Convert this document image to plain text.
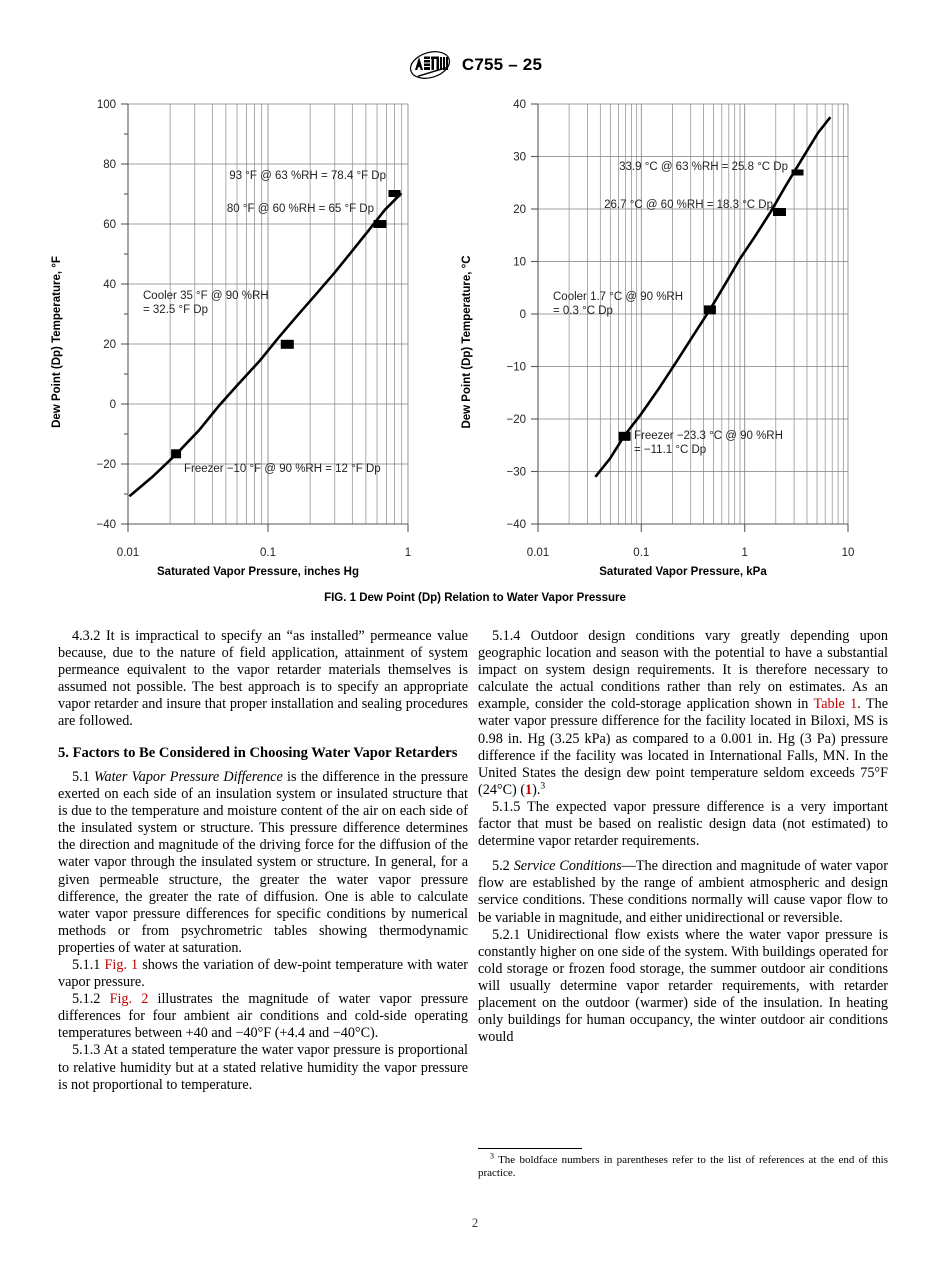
C755 – 25
Dew Point (Dp) Temperature, °F
93 °F @ 63 %RH = 78.4 °F Dp
80 °F @ 60 %RH = 65 °F Dp
Cooler 35 °F @ 90 %RH
= 32.5 °F Dp
Freezer −10 °F @ 90 %RH = 12 °F Dp
100
80
60
40
20
0
−20
−40
0.01	0.1	1
Saturated Vapor Pressure, inches Hg
Dew Point (Dp) Temperature, °C
33.9 °C @ 63 %RH = 25.8 °C Dp
26.7 °C @ 60 %RH = 18.3 °C Dp
Cooler 1.7 °C @ 90 %RH
= 0.3 °C Dp
Freezer −23.3 °C @ 90 %RH
= −11.1 °C Dp
40
30
20
10
0
−10
−20
−30
−40
0.01	0.1	1	10
Saturated Vapor Pressure, kPa
FIG. 1 Dew Point (Dp) Relation to Water Vapor Pressure

4.3.2 It is impractical to specify an “as installed” permeance value because, due to the nature of field application, attainment of system permeance equivalent to the vapor retarder materials themselves is assumed not possible. The best approach is to specify an appropriate vapor retarder and insure that proper installation and sealing procedures are followed.

5. Factors to Be Considered in Choosing Water Vapor Retarders

5.1 Water Vapor Pressure Difference is the difference in the pressure exerted on each side of an insulation system or insulated structure that is due to the temperature and moisture content of the air on each side of the insulated system or structure. This pressure difference determines the direction and magnitude of the driving force for the diffusion of the water vapor through the insulated system or structure. In general, for a given permeable structure, the greater the water vapor pressure difference, the greater the rate of diffusion. One is able to calculate water vapor pressure differences for specific conditions by numerical methods or from psychrometric tables showing thermodynamic properties of water at saturation.

5.1.1 Fig. 1 shows the variation of dew-point temperature with water vapor pressure.

5.1.2 Fig. 2 illustrates the magnitude of water vapor pressure differences for four ambient air conditions and cold-side operating temperatures between +40 and −40°F (+4.4 and −40°C).

5.1.3 At a stated temperature the water vapor pressure is proportional to relative humidity but at a stated relative humidity the vapor pressure is not proportional to temperature.

5.1.4 Outdoor design conditions vary greatly depending upon geographic location and season with the potential to have a substantial impact on system design requirements. It is therefore necessary to calculate the actual conditions rather than rely on estimates. As an example, consider the cold-storage application shown in Table 1. The water vapor pressure difference for the facility located in Biloxi, MS is 0.98 in. Hg (3.25 kPa) as compared to a 0.001 in. Hg (3 Pa) pressure difference if the facility was located in International Falls, MN. In the United States the design dew point temperature seldom exceeds 75°F (24°C) (1).$^3$

5.1.5 The expected vapor pressure difference is a very important factor that must be based on realistic design data (not estimated) to determine vapor retarder requirements.

5.2 Service Conditions—The direction and magnitude of water vapor flow are established by the range of ambient atmospheric and design service conditions. These conditions normally will cause vapor flow to be variable in magnitude, and either unidirectional or reversible.

5.2.1 Unidirectional flow exists where the water vapor pressure is constantly higher on one side of the system. With buildings operated for cold storage or frozen food storage, the summer outdoor air conditions will usually determine vapor retarder requirements, with retarder placement on the outdoor (warmer) side of the insulation. In heating only buildings for human occupancy, the winter outdoor air conditions would

$^3$ The boldface numbers in parentheses refer to the list of references at the end of this practice.

2
